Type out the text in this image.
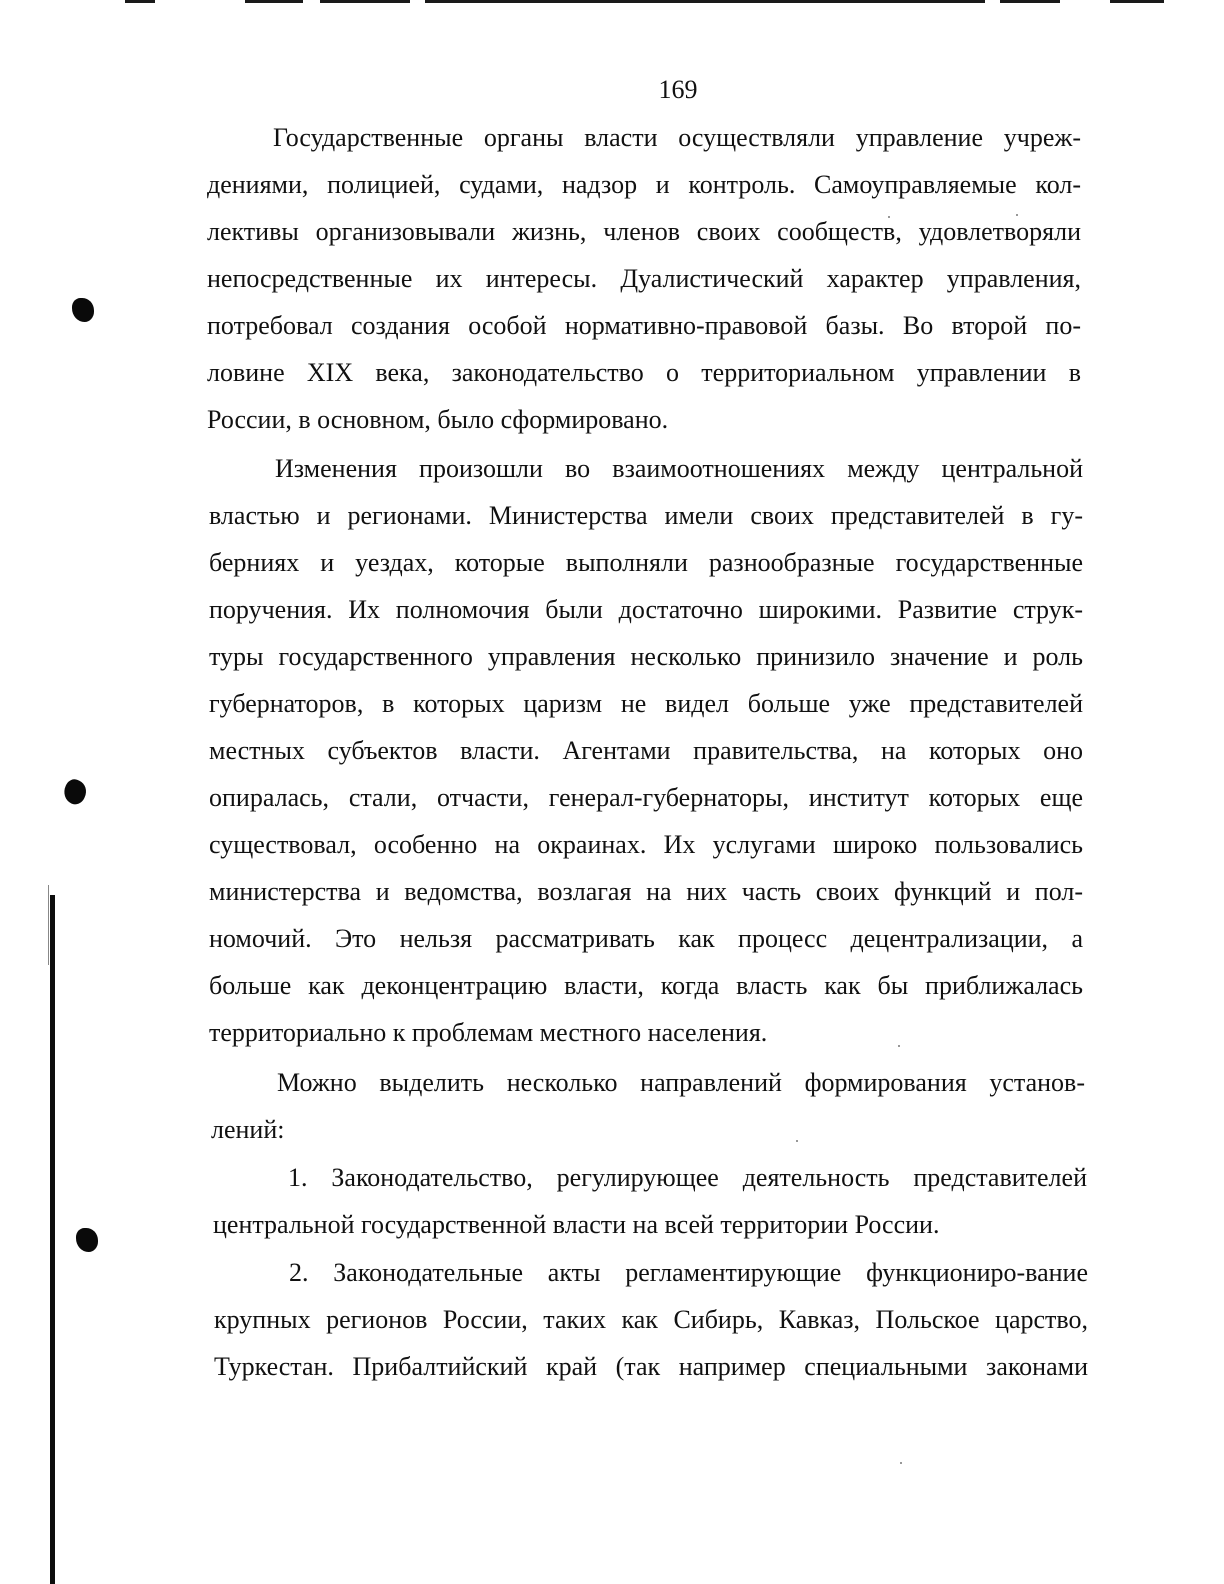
169
Государственные органы власти осуществляли управление учреж-
дениями, полицией, судами, надзор и контроль. Самоуправляемые кол-
лективы организовывали жизнь, членов своих сообществ, удовлетворяли
непосредственные их интересы. Дуалистический характер управления,
потребовал создания особой нормативно-правовой базы. Во второй по-
ловине XIX века, законодательство о территориальном управлении в
России, в основном, было сформировано.
Изменения произошли во взаимоотношениях между центральной
властью и регионами. Министерства имели своих представителей в гу-
берниях и уездах, которые выполняли разнообразные государственные
поручения. Их полномочия были достаточно широкими. Развитие струк-
туры государственного управления несколько принизило значение и роль
губернаторов, в которых царизм не видел больше уже представителей
местных субъектов власти. Агентами правительства, на которых оно
опиралась, стали, отчасти, генерал-губернаторы, институт которых еще
существовал, особенно на окраинах. Их услугами широко пользовались
министерства и ведомства, возлагая на них часть своих функций и пол-
номочий. Это нельзя рассматривать как процесс децентрализации, а
больше как деконцентрацию власти, когда власть как бы приближалась
территориально к проблемам местного населения.
Можно выделить несколько направлений формирования установ-
лений:
1. Законодательство, регулирующее деятельность представителей
центральной государственной власти на всей территории России.
2. Законодательные акты регламентирующие функциониро-вание
крупных регионов России, таких как Сибирь, Кавказ, Польское царство,
Туркестан. Прибалтийский край (так например специальными законами
